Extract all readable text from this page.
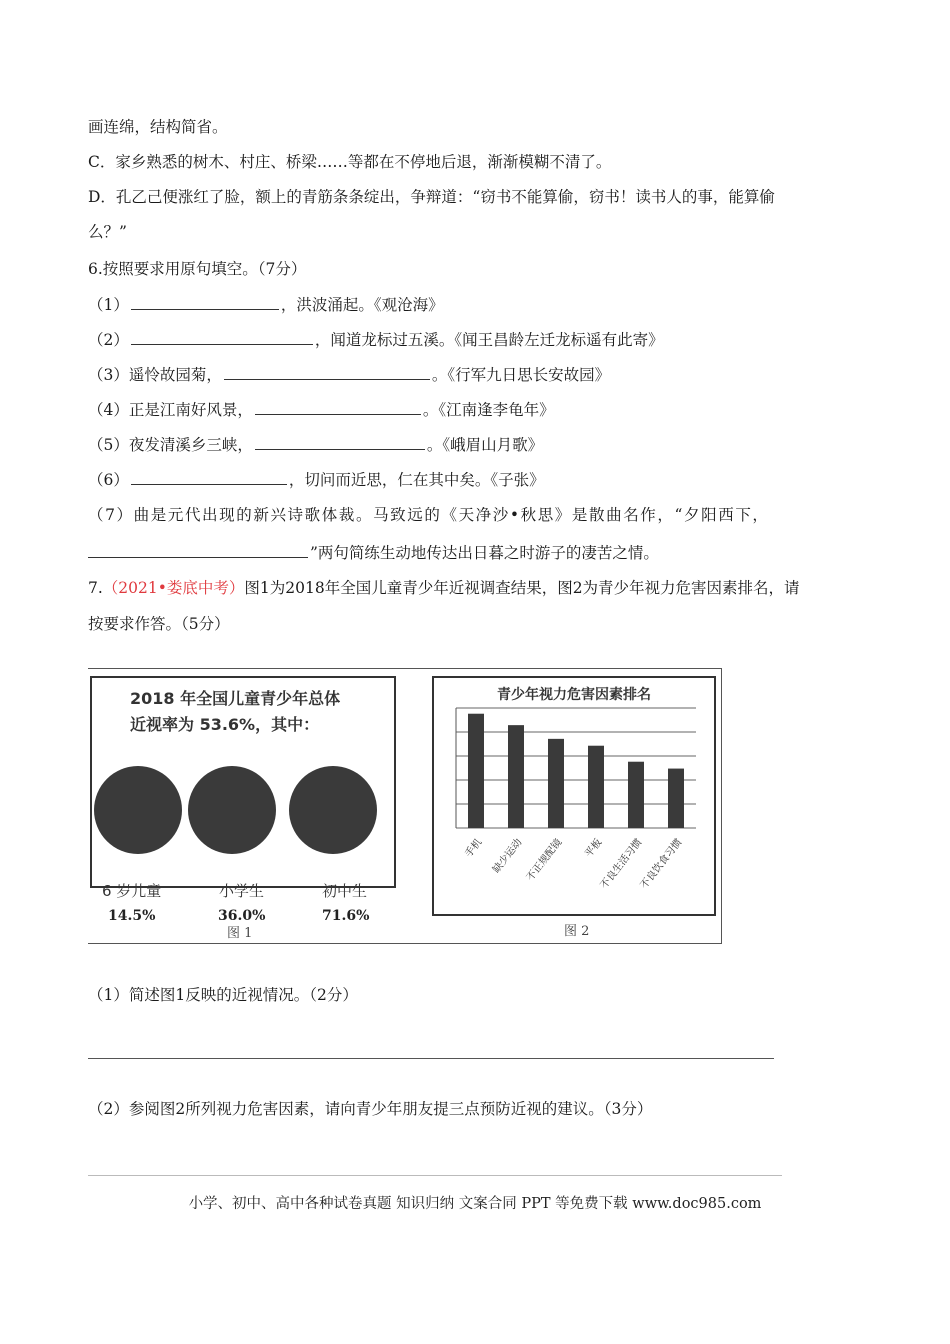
画连绵，结构简省。
C．家乡熟悉的树木、村庄、桥梁……等都在不停地后退，渐渐模糊不清了。
D．孔乙己便涨红了脸，额上的青筋条条绽出，争辩道：“窃书不能算偷，窃书！读书人的事，能算偷
么？”
6.按照要求用原句填空。（7分）
（1）	，洪波涌起。《观沧海》
（2）	，闻道龙标过五溪。《闻王昌龄左迁龙标遥有此寄》
（3）遥怜故园菊，	。《行军九日思长安故园》
（4）正是江南好风景，	。《江南逢李龟年》
（5）夜发清溪乡三峡，	。《峨眉山月歌》
（6）	，切问而近思，仁在其中矣。《子张》
（7）曲是元代出现的新兴诗歌体裁。马致远的《天净沙•秋思》是散曲名作，“夕阳西下，
”两句简练生动地传达出日暮之时游子的凄苦之情。
7.（2021•娄底中考）图1为2018年全国儿童青少年近视调查结果，图2为青少年视力危害因素排名，请
按要求作答。（5分）
2018 年全国儿童青少年总体
近视率为 53.6%，其中：
6 岁儿童	小学生	初中生
14.5%	36.0%	71.6%
图 1
青少年视力危害因素排名
手机 缺少运动 不正规配镜 平板
不良生活习惯
不良饮食习惯
图 2
（1）简述图1反映的近视情况。（2分）
（2）参阅图2所列视力危害因素，请向青少年朋友提三点预防近视的建议。（3分）
小学、初中、高中各种试卷真题 知识归纳 文案合同 PPT 等免费下载 www.doc985.com
